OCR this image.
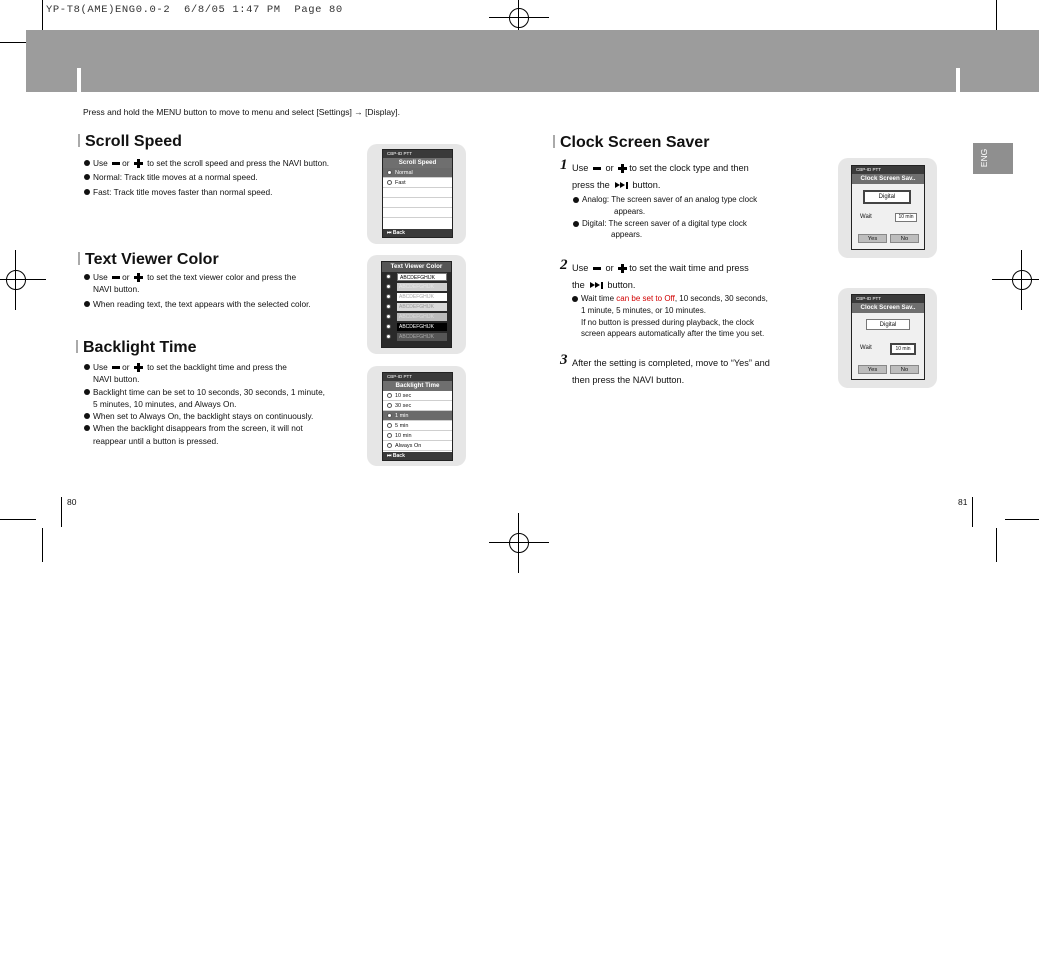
YP-T8(AME)ENG0.0-2  6/8/05 1:47 PM  Page 80
Press and hold the MENU button to move to menu and select [Settings] → [Display].
Scroll Speed
Use or to set the scroll speed and press the NAVI button.
Normal: Track title moves at a normal speed.
Fast: Track title moves faster than normal speed.
CBP-ID PTT
Scroll Speed
Normal
Fast
⏮ Back
Text Viewer Color
Use or to set the text viewer color and press the
NAVI button.
When reading text, the text appears with the selected color.
Text Viewer Color
ABCDEFGHIJK
ABCDEFGHIJK
ABCDEFGHIJK
ABCDEFGHIJK
ABCDEFGHIJK
ABCDEFGHIJK
ABCDEFGHIJK
Backlight Time
Use or to set the backlight time and press the
NAVI button.
Backlight time can be set to 10 seconds, 30 seconds, 1 minute,
5 minutes, 10 minutes, and Always On.
When set to Always On, the backlight stays on continuously.
When the backlight disappears from the screen, it will not
reappear until a button is pressed.
CBP-ID PTT
Backlight Time
10 sec
30 sec
1 min
5 min
10 min
Always On
⏮ Back
80
Clock Screen Saver
1 Use or to set the clock type and then
press the button.
Analog: The screen saver of an analog type clock
appears.
Digital: The screen saver of a digital type clock
appears.
2 Use or to set the wait time and press
the button.
Wait time can be set to Off, 10 seconds, 30 seconds,
1 minute, 5 minutes, or 10 minutes.
If no button is pressed during playback, the clock
screen appears automatically after the time you set.
3 After the setting is completed, move to “Yes” and
then press the NAVI button.
CBP-ID PTT
Clock Screen Sav..
Digital
Wait	10 min
Yes	No
CBP-ID PTT
Clock Screen Sav..
Digital
Wait	10 min
Yes	No
ENG
81
